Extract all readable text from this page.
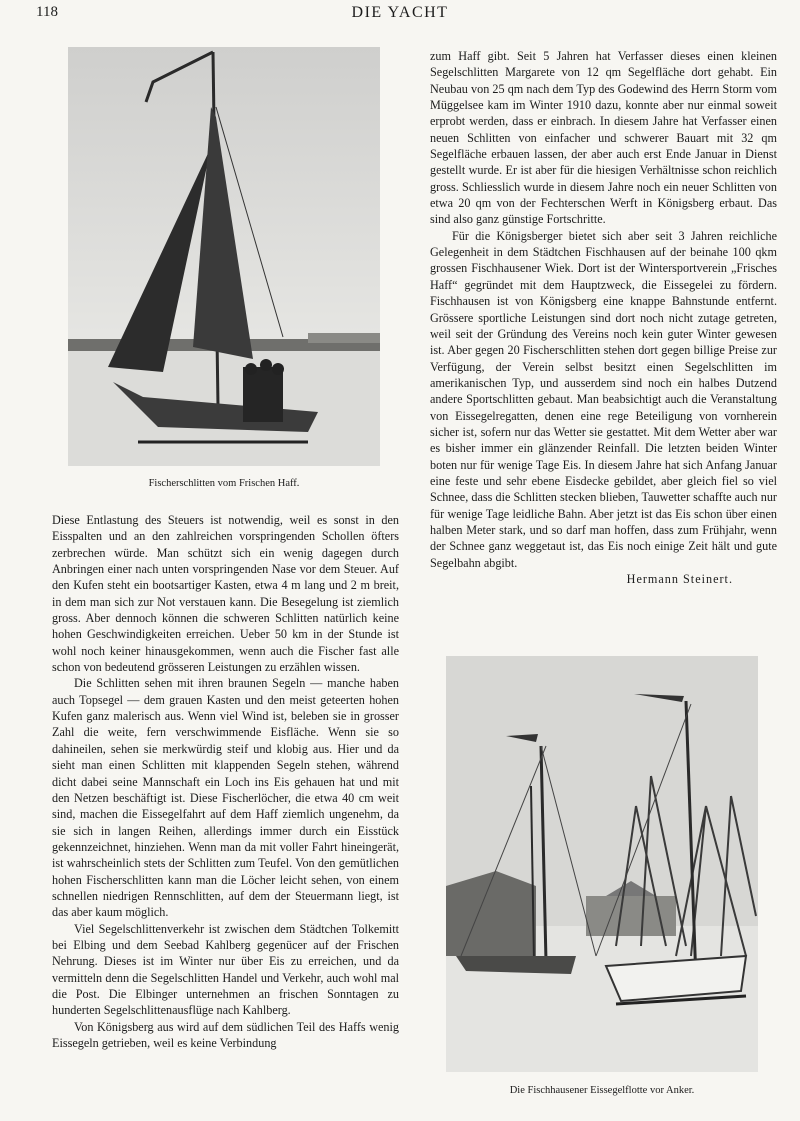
118	DIE YACHT
Fischerschlitten vom Frischen Haff.
Die Fischhausener Eissegelflotte vor Anker.

Diese Entlastung des Steuers ist notwendig, weil es sonst in den Eisspalten und an den zahlreichen vorspringenden Schollen öfters zerbrechen würde. Man schützt sich ein wenig dagegen durch Anbringen einer nach unten vorspringenden Nase vor dem Steuer. Auf den Kufen steht ein bootsartiger Kasten, etwa 4 m lang und 2 m breit, in dem man sich zur Not verstauen kann. Die Besegelung ist ziemlich gross. Aber dennoch können die schweren Schlitten natürlich keine hohen Geschwindigkeiten erreichen. Ueber 50 km in der Stunde ist wohl noch keiner hinausgekommen, wenn auch die Fischer fast alle schon von bedeutend grösseren Leistungen zu erzählen wissen.

Die Schlitten sehen mit ihren braunen Segeln — manche haben auch Topsegel — dem grauen Kasten und den meist geteerten hohen Kufen ganz malerisch aus. Wenn viel Wind ist, beleben sie in grosser Zahl die weite, fern verschwimmende Eisfläche. Wenn sie so dahineilen, sehen sie merkwürdig steif und klobig aus. Hier und da sieht man einen Schlitten mit klappenden Segeln stehen, während dicht dabei seine Mannschaft ein Loch ins Eis gehauen hat und mit den Netzen beschäftigt ist. Diese Fischerlöcher, die etwa 40 cm weit sind, machen die Eissegelfahrt auf dem Haff ziemlich ungenehm, da sie sich in langen Reihen, allerdings immer durch ein Eisstück gekennzeichnet, hinziehen. Wenn man da mit voller Fahrt hineingerät, ist wahrscheinlich stets der Schlitten zum Teufel. Von den gemütlichen hohen Fischerschlitten kann man die Löcher leicht sehen, von einem schnellen niedrigen Rennschlitten, auf dem der Steuermann liegt, ist das aber kaum möglich.

Viel Segelschlittenverkehr ist zwischen dem Städtchen Tolkemitt bei Elbing und dem Seebad Kahlberg gegenücer auf der Frischen Nehrung. Dieses ist im Winter nur über Eis zu erreichen, und da vermitteln denn die Segelschlitten Handel und Verkehr, auch wohl mal die Post. Die Elbinger unternehmen an frischen Sonntagen zu hunderten Segelschlittenausflüge nach Kahlberg.

Von Königsberg aus wird auf dem südlichen Teil des Haffs wenig Eissegeln getrieben, weil es keine Verbindung

zum Haff gibt. Seit 5 Jahren hat Verfasser dieses einen kleinen Segelschlitten Margarete von 12 qm Segelfläche dort gehabt. Ein Neubau von 25 qm nach dem Typ des Godewind des Herrn Storm vom Müggelsee kam im Winter 1910 dazu, konnte aber nur einmal soweit erprobt werden, dass er einbrach. In diesem Jahre hat Verfasser einen neuen Schlitten von einfacher und schwerer Bauart mit 32 qm Segelfläche erbauen lassen, der aber auch erst Ende Januar in Dienst gestellt wurde. Er ist aber für die hiesigen Verhältnisse schon reichlich gross. Schliesslich wurde in diesem Jahre noch ein neuer Schlitten von etwa 20 qm von der Fechterschen Werft in Königsberg erbaut. Das sind also ganz günstige Fortschritte.

Für die Königsberger bietet sich aber seit 3 Jahren reichliche Gelegenheit in dem Städtchen Fischhausen auf der beinahe 100 qkm grossen Fischhausener Wiek. Dort ist der Wintersportverein „Frisches Haff“ gegründet mit dem Hauptzweck, die Eissegelei zu fördern. Fischhausen ist von Königsberg eine knappe Bahnstunde entfernt. Grössere sportliche Leistungen sind dort noch nicht zutage getreten, weil seit der Gründung des Vereins noch kein guter Winter gewesen ist. Aber gegen 20 Fischerschlitten stehen dort gegen billige Preise zur Verfügung, der Verein selbst besitzt einen Segelschlitten im amerikanischen Typ, und ausserdem sind noch ein halbes Dutzend andere Sportschlitten gebaut. Man beabsichtigt auch die Veranstaltung von Eissegelregatten, denen eine rege Beteiligung von vornherein sicher ist, sofern nur das Wetter sie gestattet. Mit dem Wetter aber war es bisher immer ein glänzender Reinfall. Die letzten beiden Winter boten nur für wenige Tage Eis. In diesem Jahre hat sich Anfang Januar eine feste und sehr ebene Eisdecke gebildet, aber gleich fiel so viel Schnee, dass die Schlitten stecken blieben, Tauwetter schaffte auch nur für wenige Tage leidliche Bahn. Aber jetzt ist das Eis schon über einen halben Meter stark, und so darf man hoffen, dass zum Frühjahr, wenn der Schnee ganz weggetaut ist, das Eis noch einige Zeit hält und gute Segelbahn abgibt.

Hermann Steinert.
